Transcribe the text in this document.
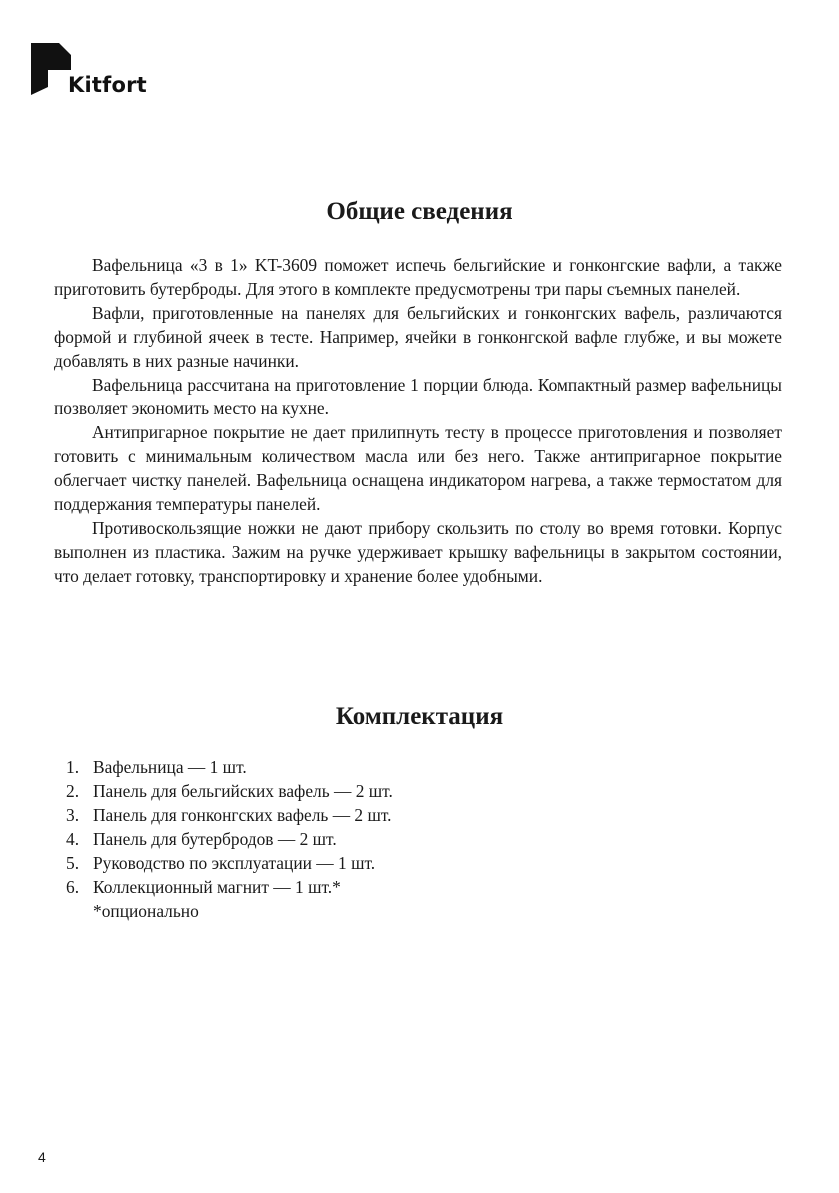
Kitfort
Общие сведения

Вафельница «3 в 1» KT-3609 поможет испечь бельгийские и гонконгские вафли, а также приготовить бутерброды. Для этого в комплекте предусмотрены три пары съемных панелей.

Вафли, приготовленные на панелях для бельгийских и гонконгских вафель, различаются формой и глубиной ячеек в тесте. Например, ячейки в гонконгской вафле глубже, и вы можете добавлять в них разные начинки.

Вафельница рассчитана на приготовление 1 порции блюда. Компактный размер вафельницы позволяет экономить место на кухне.

Антипригарное покрытие не дает прилипнуть тесту в процессе приготовления и позволяет готовить с минимальным количеством масла или без него. Также антипригарное покрытие облегчает чистку панелей. Вафельница оснащена индикатором нагрева, а также термостатом для поддержания температуры панелей.

Противоскользящие ножки не дают прибору скользить по столу во время готовки. Корпус выполнен из пластика. Зажим на ручке удерживает крышку вафельницы в закрытом состоянии, что делает готовку, транспортировку и хранение более удобными.

Комплектация
1. Вафельница — 1 шт.
2. Панель для бельгийских вафель — 2 шт.
3. Панель для гонконгских вафель — 2 шт.
4. Панель для бутербродов — 2 шт.
5. Руководство по эксплуатации — 1 шт.
6. Коллекционный магнит — 1 шт.*
*опционально
4
